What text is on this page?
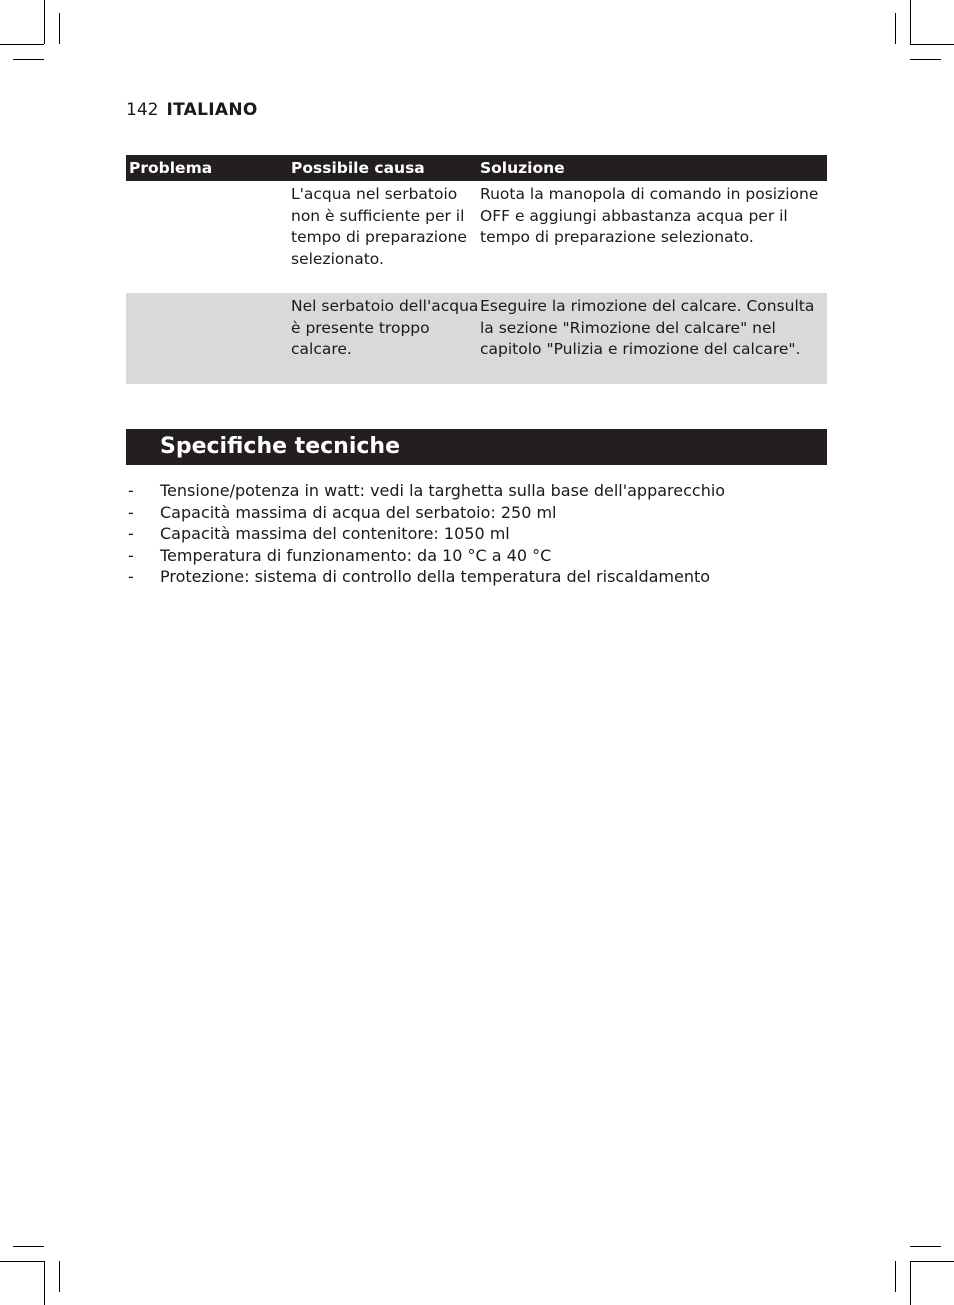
142 ITALIANO
Problema	Possibile causa	Soluzione
L'acqua nel serbatoio non è sufficiente per il tempo di preparazione selezionato.
Ruota la manopola di comando in posizione OFF e aggiungi abbastanza acqua per il tempo di preparazione selezionato.
Nel serbatoio dell'acqua è presente troppo calcare.
Eseguire la rimozione del calcare. Consulta la sezione "Rimozione del calcare" nel capitolo "Pulizia e rimozione del calcare".
Specifiche tecniche
- Tensione/potenza in watt: vedi la targhetta sulla base dell'apparecchio
- Capacità massima di acqua del serbatoio: 250 ml
- Capacità massima del contenitore: 1050 ml
- Temperatura di funzionamento: da 10 °C a 40 °C
- Protezione: sistema di controllo della temperatura del riscaldamento
